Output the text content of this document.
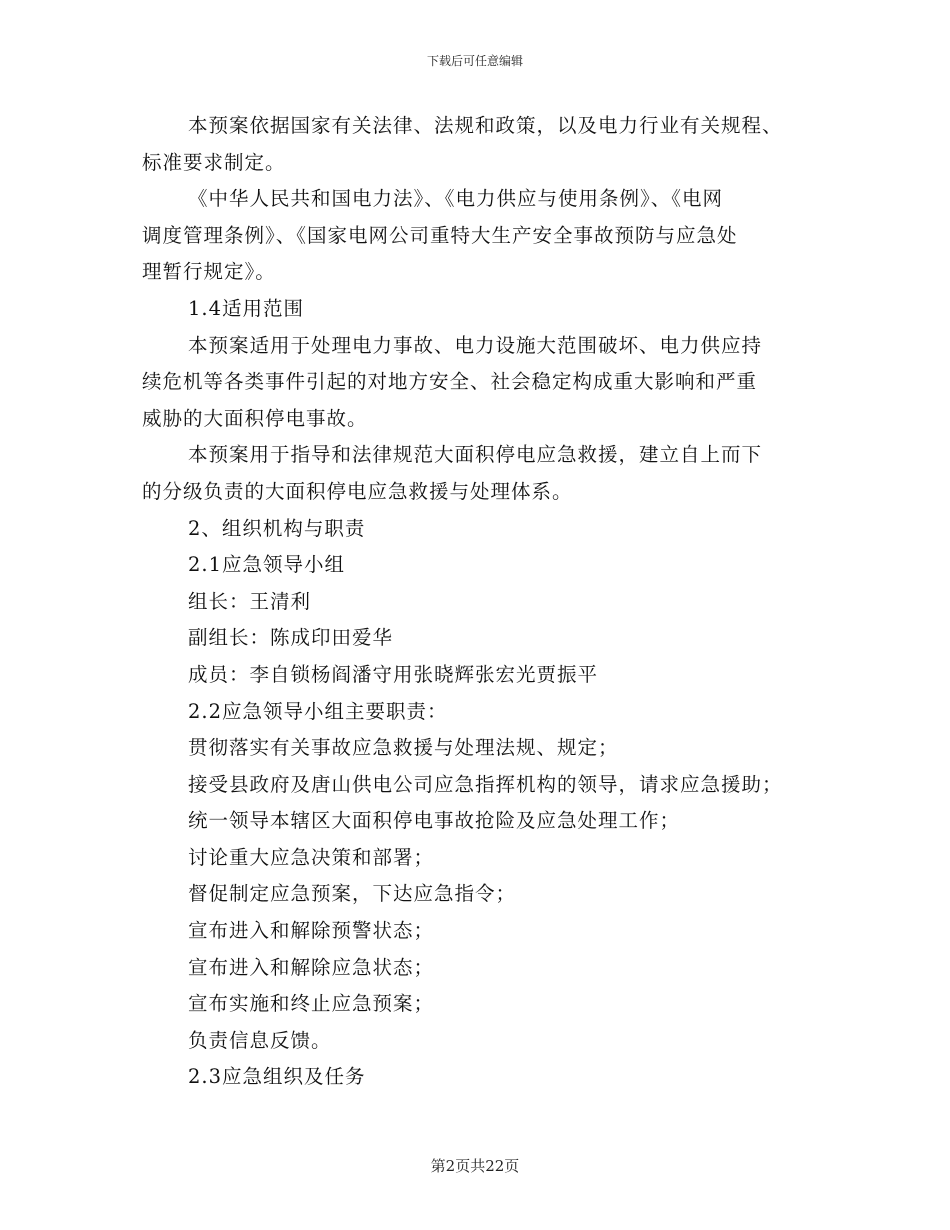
下载后可任意编辑

本预案依据国家有关法律、法规和政策，以及电力行业有关规程、

标准要求制定。

《中华人民共和国电力法》、《电力供应与使用条例》、《电网

调度管理条例》、《国家电网公司重特大生产安全事故预防与应急处

理暂行规定》。

1.4适用范围

本预案适用于处理电力事故、电力设施大范围破坏、电力供应持

续危机等各类事件引起的对地方安全、社会稳定构成重大影响和严重

威胁的大面积停电事故。

本预案用于指导和法律规范大面积停电应急救援，建立自上而下

的分级负责的大面积停电应急救援与处理体系。

2、组织机构与职责

2.1应急领导小组

组长：王清利

副组长：陈成印田爱华

成员：李自锁杨阎潘守用张晓辉张宏光贾振平

2.2应急领导小组主要职责：

贯彻落实有关事故应急救援与处理法规、规定；

接受县政府及唐山供电公司应急指挥机构的领导，请求应急援助；

统一领导本辖区大面积停电事故抢险及应急处理工作；

讨论重大应急决策和部署；

督促制定应急预案，下达应急指令；

宣布进入和解除预警状态；

宣布进入和解除应急状态；

宣布实施和终止应急预案；

负责信息反馈。

2.3应急组织及任务

第2页共22页
